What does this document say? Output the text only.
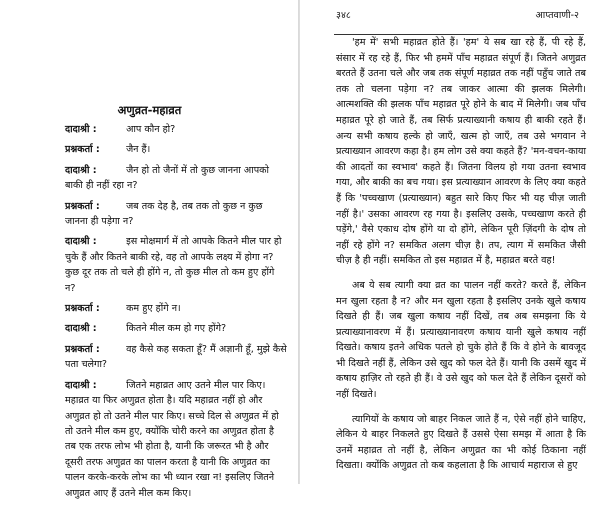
अणुव्रत-महाव्रत
दादाश्री :	आप कौन हो?
प्रश्नकर्ता :	जैन हैं।
दादाश्री :	जैन हो तो जैनों में तो कुछ जानना आपको बाकी ही नहीं रहा न?
प्रश्नकर्ता :	जब तक देह है, तब तक तो कुछ न कुछ जानना ही पड़ेगा न?
दादाश्री :	इस मोक्षमार्ग में तो आपके कितने मील पार हो चुके हैं और कितने बाकी रहे, वह तो आपके लक्ष्य में होगा न? कुछ दूर तक तो चले ही होंगे न, तो कुछ मील तो कम हुए होंगे न?
प्रश्नकर्ता :	कम हुए होंगे न।
दादाश्री :	कितने मील कम हो गए होंगे?
प्रश्नकर्ता :	वह कैसे कह सकता हूँ? मैं अज्ञानी हूँ, मुझे कैसे पता चलेगा?
दादाश्री :	जितने महाव्रत आए उतने मील पार किए। महाव्रत या फिर अणुव्रत होता है। यदि महाव्रत नहीं हो और अणुव्रत हो तो उतने मील पार किए। सच्चे दिल से अणुव्रत में हो तो उतने मील कम हुए, क्योंकि चोरी करने का अणुव्रत होता है तब एक तरफ लोभ भी होता है, यानी कि जरूरत भी है और दूसरी तरफ अणुव्रत का पालन करता है यानी कि अणुव्रत का पालन करके-करके लोभ का भी ध्यान रखा न! इसलिए जितने अणुव्रत आए हैं उतने मील कम किए।
३४८	आप्तवाणी-२

'हम में' सभी महाव्रत होते हैं। 'हम' ये सब खा रहे हैं, पी रहे हैं, संसार में रह रहे हैं, फिर भी हममें पाँच महाव्रत संपूर्ण हैं। जितने अणुव्रत बरतते हैं उतना चले और जब तक संपूर्ण महाव्रत तक नहीं पहुँच जाते तब तक तो चलना पड़ेगा न? तब जाकर आत्मा की झलक मिलेगी। आत्मशक्ति की झलक पाँच महाव्रत पूरे होने के बाद में मिलेगी। जब पाँच महाव्रत पूरे हो जाते हैं, तब सिर्फ प्रत्याख्यानी कषाय ही बाकी रहते हैं। अन्य सभी कषाय हल्के हो जाएँ, खत्म हो जाएँ, तब उसे भगवान ने प्रत्याख्यान आवरण कहा है। हम लोग उसे क्या कहते हैं? 'मन-वचन-काया की आदतों का स्वभाव' कहते हैं। जितना विलय हो गया उतना स्वभाव गया, और बाकी का बच गया। इस प्रत्याख्यान आवरण के लिए क्या कहते हैं कि 'पच्चखाण (प्रत्याख्यान) बहुत सारे किए फिर भी यह चीज़ जाती नहीं है।' उसका आवरण रह गया है। इसलिए उसके, पच्चखाण करते ही पड़ेंगे,' वैसे एकाध दोष होंगे या दो होंगे, लेकिन पूरी ज़िंदगी के दोष तो नहीं रहे होंगे न? समकित अलग चीज़ है। तप, त्याग में समकित जैसी चीज़ है ही नहीं। समकित तो इस महाव्रत में है, महाव्रत बरते वह!

अब ये सब त्यागी क्या व्रत का पालन नहीं करते? करते हैं, लेकिन मन खुला रहता है न? और मन खुला रहता है इसलिए उनके खुले कषाय दिखते ही हैं। जब खुला कषाय नहीं दिखें, तब अब समझना कि ये प्रत्याख्यानावरण में हैं। प्रत्याख्यानावरण कषाय यानी खुले कषाय नहीं दिखते। कषाय इतने अधिक पतले हो चुके होते हैं कि वे होने के बावजूद भी दिखते नहीं हैं, लेकिन उसे खुद को फल देते हैं। यानी कि उसमें खुद में कषाय हाज़िर तो रहते ही हैं। वे उसे खुद को फल देते हैं लेकिन दूसरों को नहीं दिखते।

त्यागियों के कषाय जो बाहर निकल जाते हैं न, ऐसे नहीं होने चाहिए, लेकिन ये बाहर निकलते हुए दिखते हैं उससे ऐसा समझ में आता है कि उनमें महाव्रत तो नहीं है, लेकिन अणुव्रत का भी कोई ठिकाना नहीं दिखता। क्योंकि अणुव्रत तो कब कहलाता है कि आचार्य महाराज से हुए
